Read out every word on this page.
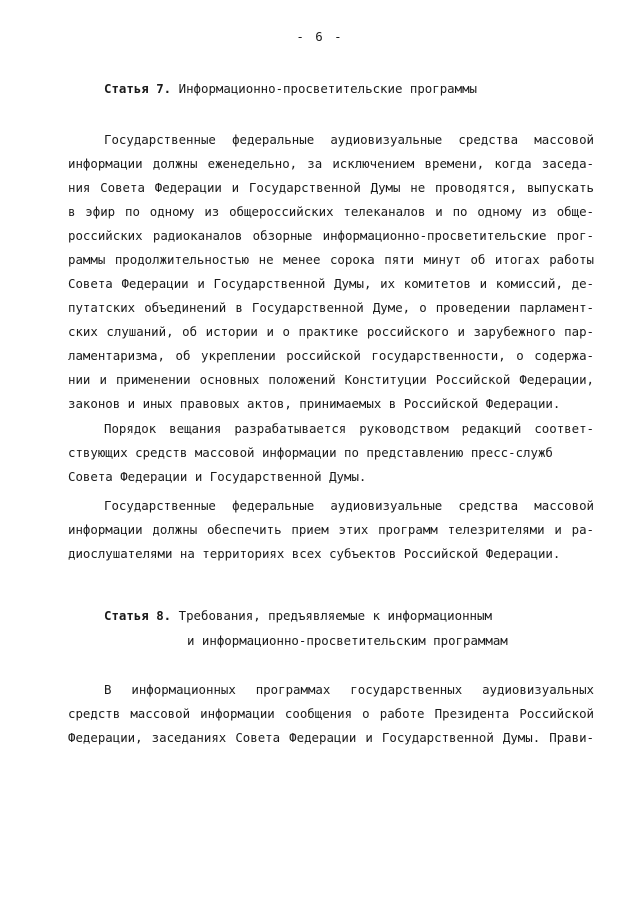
- 6 -
Статья 7. Информационно-просветительские программы
Государственные федеральные аудиовизуальные средства массовой
информации должны еженедельно, за исключением времени, когда заседа-
ния Совета Федерации и Государственной Думы не проводятся, выпускать
в эфир по одному из общероссийских телеканалов и по одному из обще-
российских радиоканалов обзорные информационно-просветительские прог-
раммы продолжительностью не менее сорока пяти минут об итогах работы
Совета Федерации и Государственной Думы, их комитетов и комиссий, де-
путатских объединений в Государственной Думе, о проведении парламент-
ских слушаний, об истории и о практике российского и зарубежного пар-
ламентаризма, об укреплении российской государственности, о содержа-
нии и применении основных положений Конституции Российской Федерации,
законов и иных правовых актов, принимаемых в Российской Федерации.
Порядок вещания разрабатывается руководством редакций соответ-
ствующих средств массовой информации по представлению пресс-служб
Совета Федерации и Государственной Думы.
Государственные федеральные аудиовизуальные средства массовой
информации должны обеспечить прием этих программ телезрителями и ра-
диослушателями на территориях всех субъектов Российской Федерации.
Статья 8. Требования, предъявляемые к информационным
и информационно-просветительским программам
В информационных программах государственных аудиовизуальных
средств массовой информации сообщения о работе Президента Российской
Федерации, заседаниях Совета Федерации и Государственной Думы. Прави-
